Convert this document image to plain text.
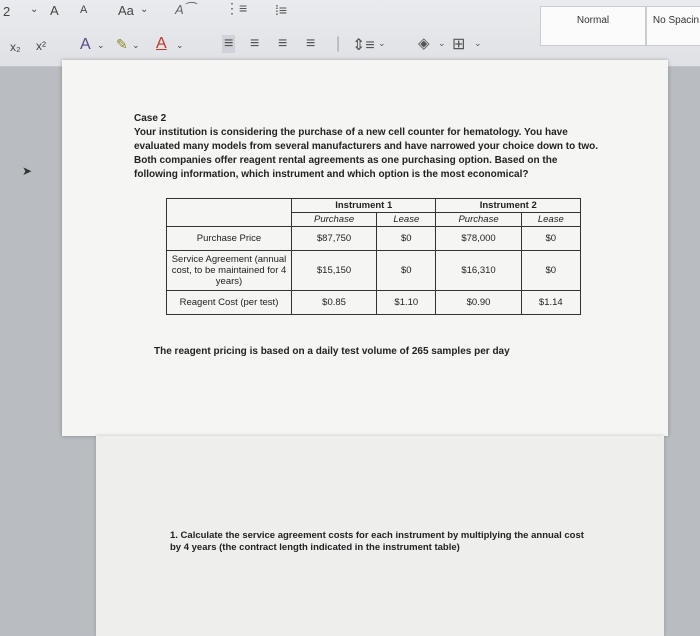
2 ⌄ A A Aa ⌄ A⁀ ⋮≡ ⁞≡
x₂ x² A ⌄ ✎ ⌄ A ⌄	≡ ≡ ≡ ≡ | ⇕≡ ⌄ ◈ ⌄ ⊞ ⌄
Normal	No Spacin
➤
Case 2
Your institution is considering the purchase of a new cell counter for hematology. You have evaluated many models from several manufacturers and have narrowed your choice down to two. Both companies offer reagent rental agreements as one purchasing option. Based on the following information, which instrument and which option is the most economical?
	Instrument 1		Instrument 2	
	Purchase	Lease	Purchase	Lease
Purchase Price	$87,750	$0	$78,000	$0
Service Agreement (annual cost, to be maintained for 4 years)	$15,150	$0	$16,310	$0
Reagent Cost (per test)	$0.85	$1.10	$0.90	$1.14
The reagent pricing is based on a daily test volume of 265 samples per day
1. Calculate the service agreement costs for each instrument by multiplying the annual cost by 4 years (the contract length indicated in the instrument table)
